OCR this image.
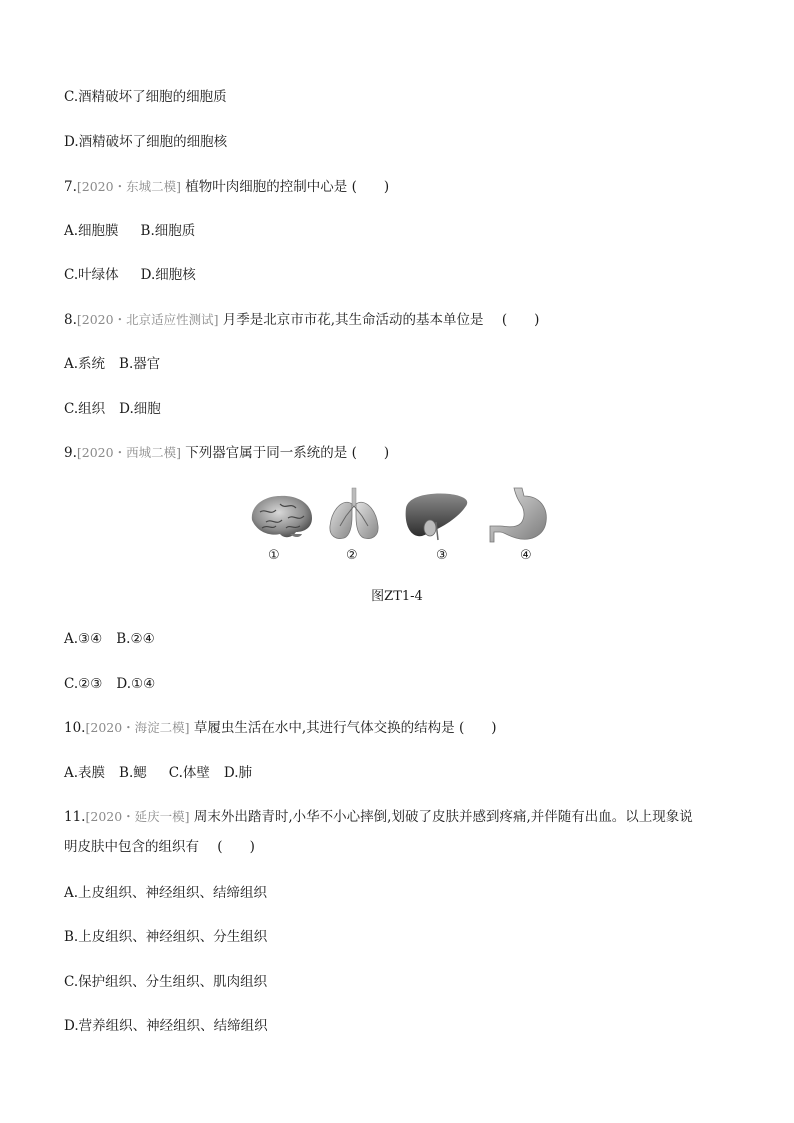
C.酒精破坏了细胞的细胞质
D.酒精破坏了细胞的细胞核
7.[2020・东城二模] 植物叶肉细胞的控制中心是 (　　)
A.细胞膜 B.细胞质
C.叶绿体 D.细胞核
8.[2020・北京适应性测试] 月季是北京市市花,其生命活动的基本单位是 (　　)
A.系统 B.器官
C.组织 D.细胞
9.[2020・西城二模] 下列器官属于同一系统的是 (　　)
①	②	③	④
图ZT1-4
A.③④ B.②④
C.②③ D.①④
10.[2020・海淀二模] 草履虫生活在水中,其进行气体交换的结构是 (　　)
A.表膜 B.鳃 C.体壁 D.肺
11.[2020・延庆一模] 周末外出踏青时,小华不小心摔倒,划破了皮肤并感到疼痛,并伴随有出血。以上现象说
明皮肤中包含的组织有 (　　)
A.上皮组织、神经组织、结缔组织
B.上皮组织、神经组织、分生组织
C.保护组织、分生组织、肌肉组织
D.营养组织、神经组织、结缔组织
